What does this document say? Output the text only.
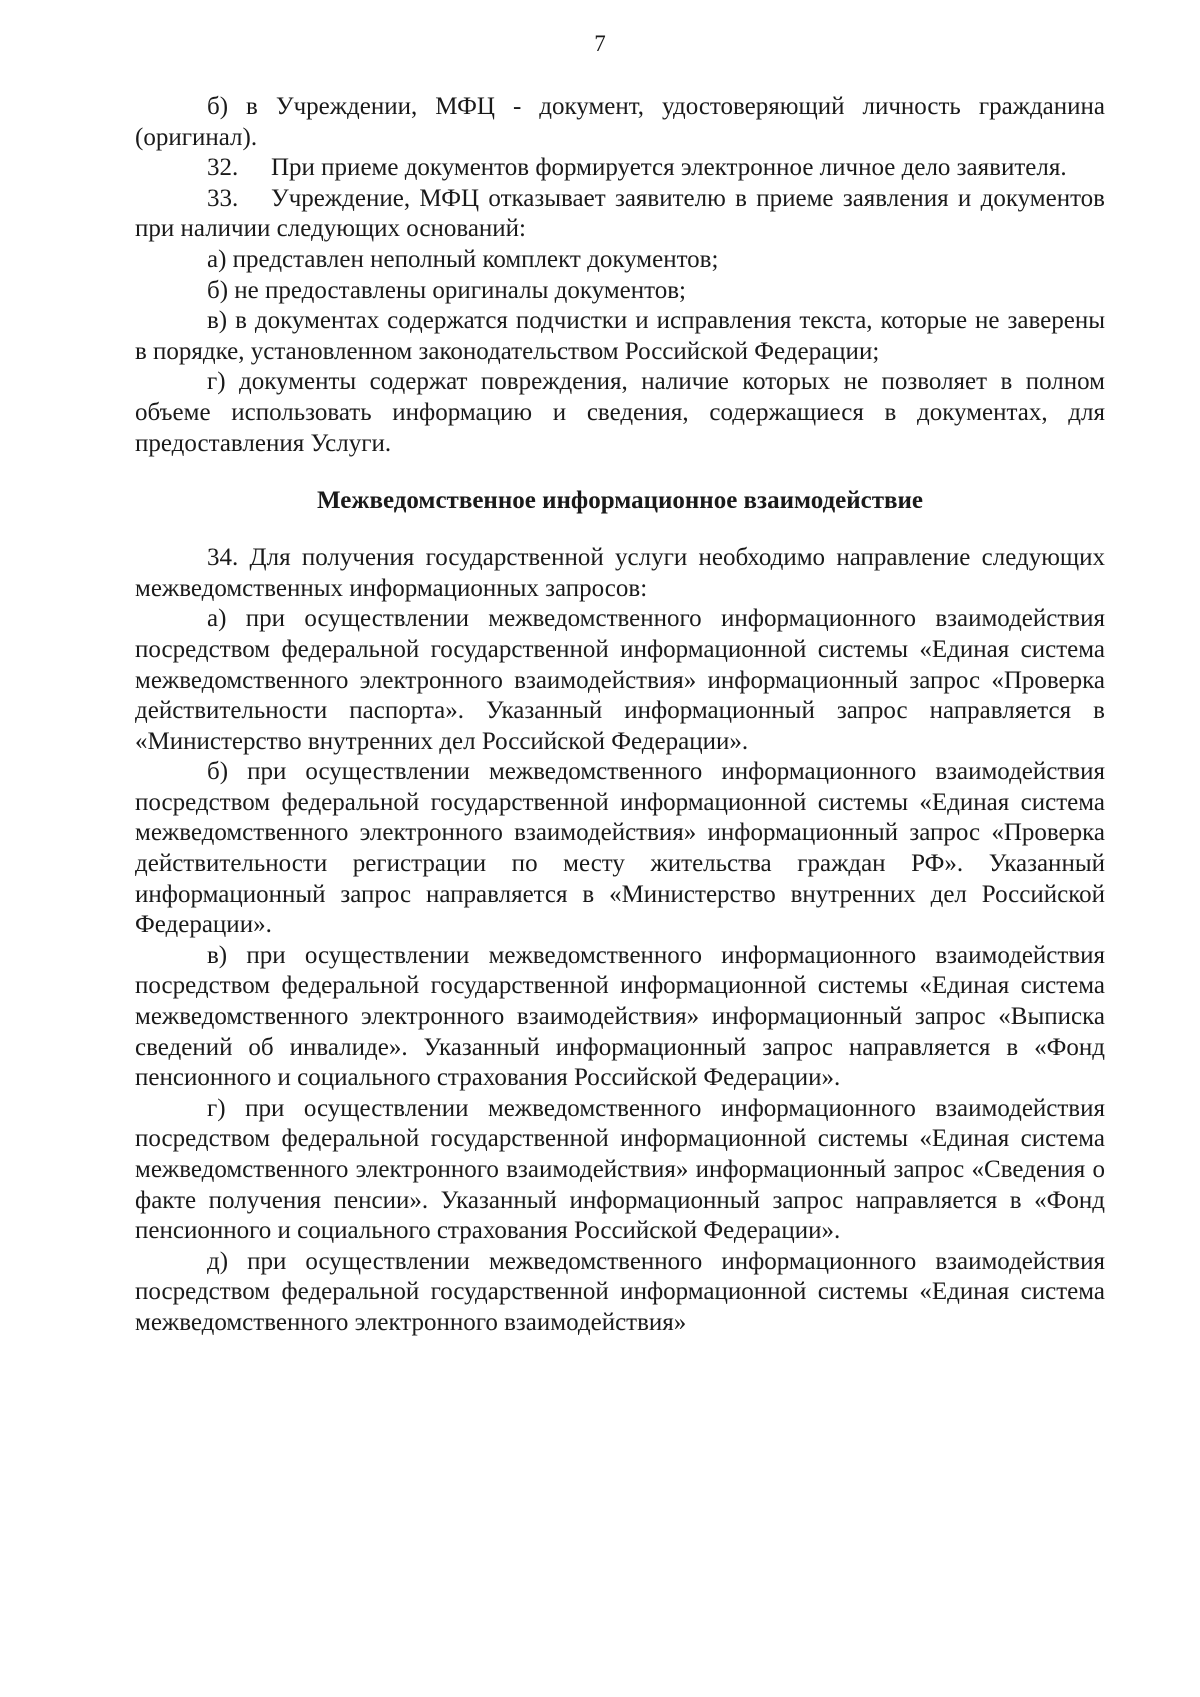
7

б) в Учреждении, МФЦ - документ, удостоверяющий личность гражданина (оригинал).

32. При приеме документов формируется электронное личное дело заявителя.

33. Учреждение, МФЦ отказывает заявителю в приеме заявления и документов при наличии следующих оснований:

а) представлен неполный комплект документов;

б) не предоставлены оригиналы документов;

в) в документах содержатся подчистки и исправления текста, которые не заверены в порядке, установленном законодательством Российской Федерации;

г) документы содержат повреждения, наличие которых не позволяет в полном объеме использовать информацию и сведения, содержащиеся в документах, для предоставления Услуги.

Межведомственное информационное взаимодействие

34. Для получения государственной услуги необходимо направление следующих межведомственных информационных запросов:

а) при осуществлении межведомственного информационного взаимодействия посредством федеральной государственной информационной системы «Единая система межведомственного электронного взаимодействия» информационный запрос «Проверка действительности паспорта». Указанный информационный запрос направляется в «Министерство внутренних дел Российской Федерации».

б) при осуществлении межведомственного информационного взаимодействия посредством федеральной государственной информационной системы «Единая система межведомственного электронного взаимодействия» информационный запрос «Проверка действительности регистрации по месту жительства граждан РФ». Указанный информационный запрос направляется в «Министерство внутренних дел Российской Федерации».

в) при осуществлении межведомственного информационного взаимодействия посредством федеральной государственной информационной системы «Единая система межведомственного электронного взаимодействия» информационный запрос «Выписка сведений об инвалиде». Указанный информационный запрос направляется в «Фонд пенсионного и социального страхования Российской Федерации».

г) при осуществлении межведомственного информационного взаимодействия посредством федеральной государственной информационной системы «Единая система межведомственного электронного взаимодействия» информационный запрос «Сведения о факте получения пенсии». Указанный информационный запрос направляется в «Фонд пенсионного и социального страхования Российской Федерации».

д) при осуществлении межведомственного информационного взаимодействия посредством федеральной государственной информационной системы «Единая система межведомственного электронного взаимодействия»
